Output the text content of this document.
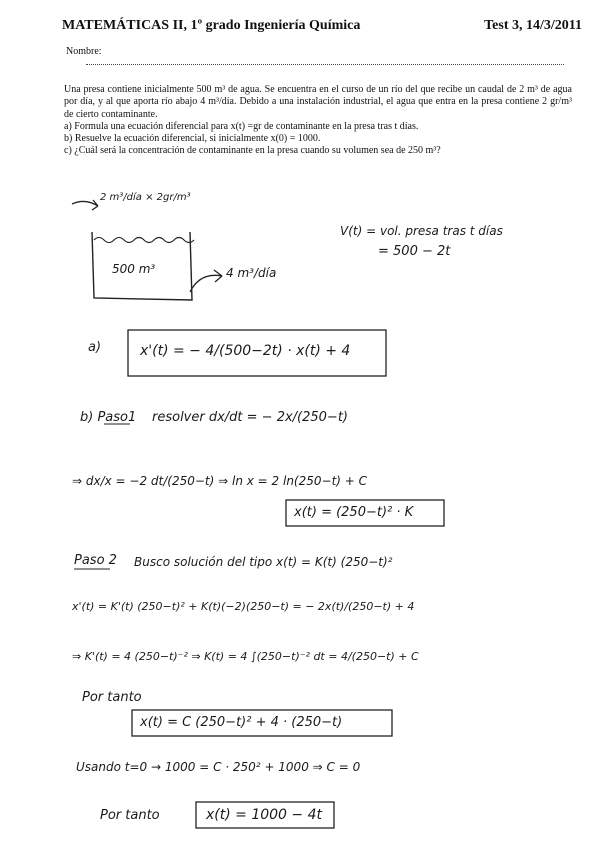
MATEMÁTICAS II, 1º grado Ingeniería Química	Test 3, 14/3/2011
Nombre:

Una presa contiene inicialmente 500 m³ de agua. Se encuentra en el curso de un río del que recibe un caudal de 2 m³ de agua por día, y al que aporta río abajo 4 m³/día. Debido a una instalación industrial, el agua que entra en la presa contiene 2 gr/m³ de cierto contaminante.

a) Formula una ecuación diferencial para x(t) =gr de contaminante en la presa tras t días.

b) Resuelve la ecuación diferencial, si inicialmente x(0) = 1000.

c) ¿Cuál será la concentración de contaminante en la presa cuando su volumen sea de 250 m³?

2 m³/día × 2gr/m³
500 m³	4 m³/día
V(t) = vol. presa tras t días
= 500 − 2t
a)	x'(t) = − 4/(500−2t) · x(t) + 4
b) Paso1 resolver dx/dt = − 2x/(250−t)
⇒ dx/x = −2 dt/(250−t) ⇒ ln x = 2 ln(250−t) + C
x(t) = (250−t)² · K
Paso 2 Busco solución del tipo x(t) = K(t) (250−t)²
x'(t) = K'(t) (250−t)² + K(t)(−2)(250−t) = − 2x(t)/(250−t) + 4
⇒ K'(t) = 4 (250−t)⁻² ⇒ K(t) = 4 ∫(250−t)⁻² dt = 4/(250−t) + C
Por tanto
x(t) = C (250−t)² + 4 · (250−t)
Usando t=0 → 1000 = C · 250² + 1000 ⇒ C = 0
Por tanto	x(t) = 1000 − 4t
